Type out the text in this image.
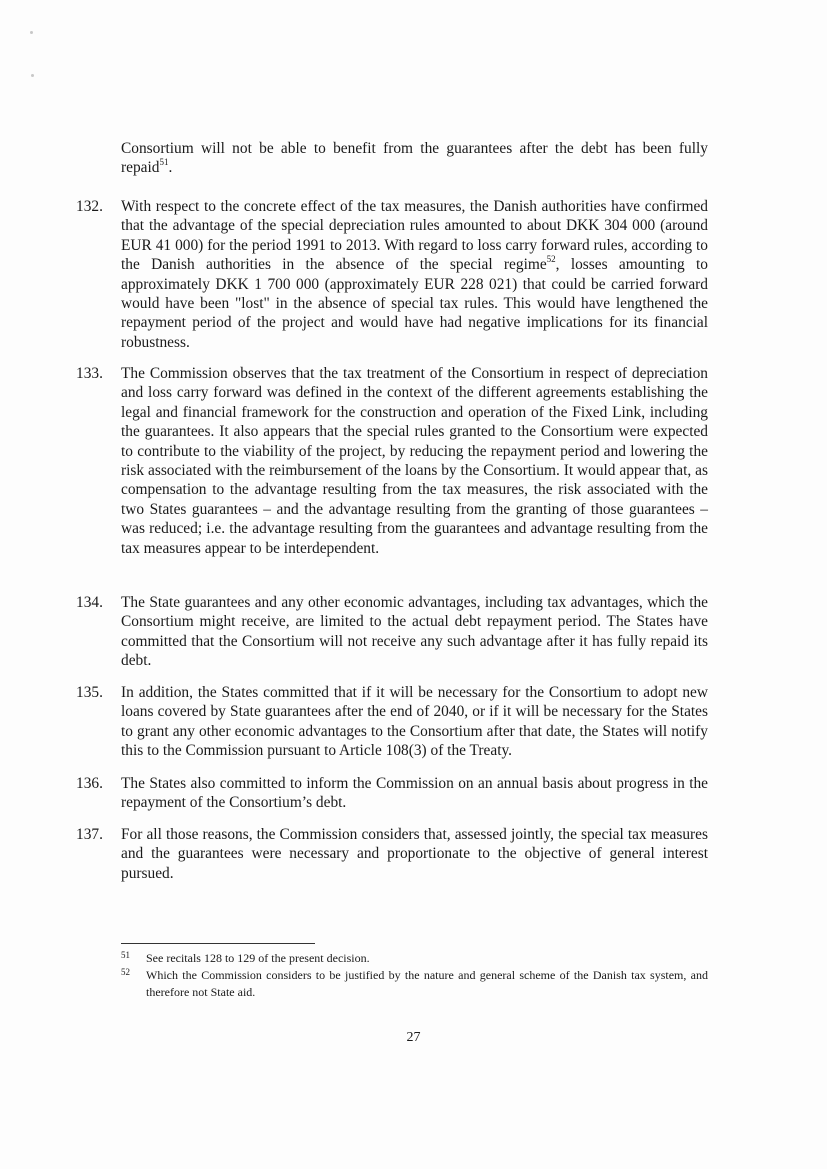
Consortium will not be able to benefit from the guarantees after the debt has been fully repaid$^{51}$.
132.	With respect to the concrete effect of the tax measures, the Danish authorities have confirmed that the advantage of the special depreciation rules amounted to about DKK 304 000 (around EUR 41 000) for the period 1991 to 2013. With regard to loss carry forward rules, according to the Danish authorities in the absence of the special regime$^{52}$, losses amounting to approximately DKK 1 700 000 (approximately EUR 228 021) that could be carried forward would have been "lost" in the absence of special tax rules. This would have lengthened the repayment period of the project and would have had negative implications for its financial robustness.
133.	The Commission observes that the tax treatment of the Consortium in respect of depreciation and loss carry forward was defined in the context of the different agreements establishing the legal and financial framework for the construction and operation of the Fixed Link, including the guarantees. It also appears that the special rules granted to the Consortium were expected to contribute to the viability of the project, by reducing the repayment period and lowering the risk associated with the reimbursement of the loans by the Consortium. It would appear that, as compensation to the advantage resulting from the tax measures, the risk associated with the two States guarantees – and the advantage resulting from the granting of those guarantees – was reduced; i.e. the advantage resulting from the guarantees and advantage resulting from the tax measures appear to be interdependent.
134.	The State guarantees and any other economic advantages, including tax advantages, which the Consortium might receive, are limited to the actual debt repayment period. The States have committed that the Consortium will not receive any such advantage after it has fully repaid its debt.
135.	In addition, the States committed that if it will be necessary for the Consortium to adopt new loans covered by State guarantees after the end of 2040, or if it will be necessary for the States to grant any other economic advantages to the Consortium after that date, the States will notify this to the Commission pursuant to Article 108(3) of the Treaty.
136.	The States also committed to inform the Commission on an annual basis about progress in the repayment of the Consortium’s debt.
137.	For all those reasons, the Commission considers that, assessed jointly, the special tax measures and the guarantees were necessary and proportionate to the objective of general interest pursued.
51 See recitals 128 to 129 of the present decision.
52 Which the Commission considers to be justified by the nature and general scheme of the Danish tax system, and therefore not State aid.
27
